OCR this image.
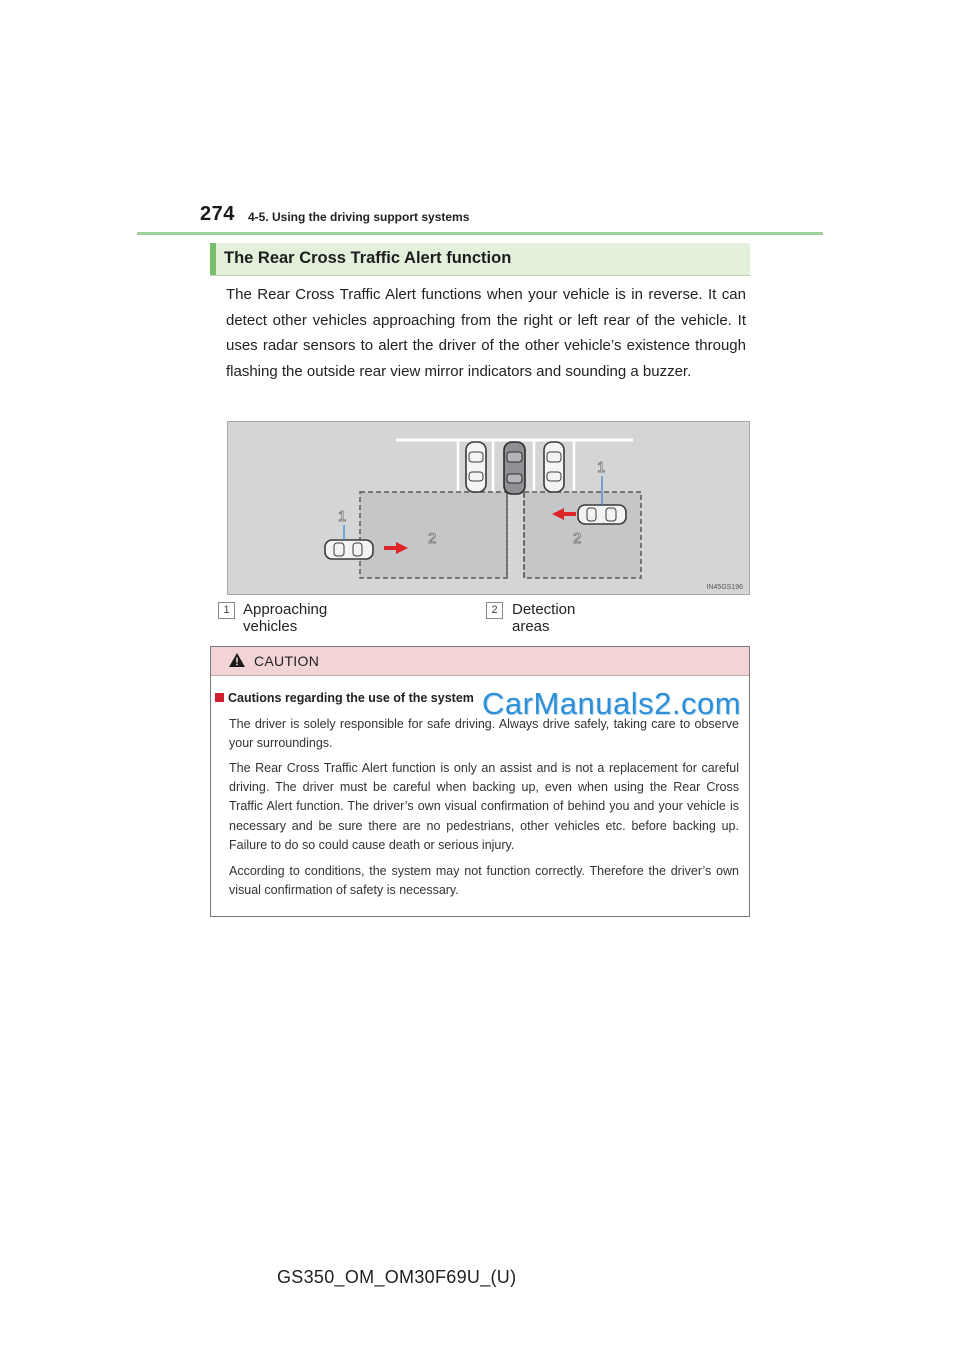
274 4-5. Using the driving support systems
The Rear Cross Traffic Alert function
The Rear Cross Traffic Alert functions when your vehicle is in reverse. It can detect other vehicles approaching from the right or left rear of the vehicle. It uses radar sensors to alert the driver of the other vehicle’s existence through flashing the outside rear view mirror indicators and sounding a buzzer.
1
2
1
2
IN45GS196
1 Approaching vehicles
2 Detection areas
CAUTION
Cautions regarding the use of the system
The driver is solely responsible for safe driving. Always drive safely, taking care to observe your surroundings.
The Rear Cross Traffic Alert function is only an assist and is not a replacement for careful driving. The driver must be careful when backing up, even when using the Rear Cross Traffic Alert function. The driver’s own visual confirmation of behind you and your vehicle is necessary and be sure there are no pedestrians, other vehicles etc. before backing up. Failure to do so could cause death or serious injury.
According to conditions, the system may not function correctly. Therefore the driver’s own visual confirmation of safety is necessary.
CarManuals2.com
GS350_OM_OM30F69U_(U)
